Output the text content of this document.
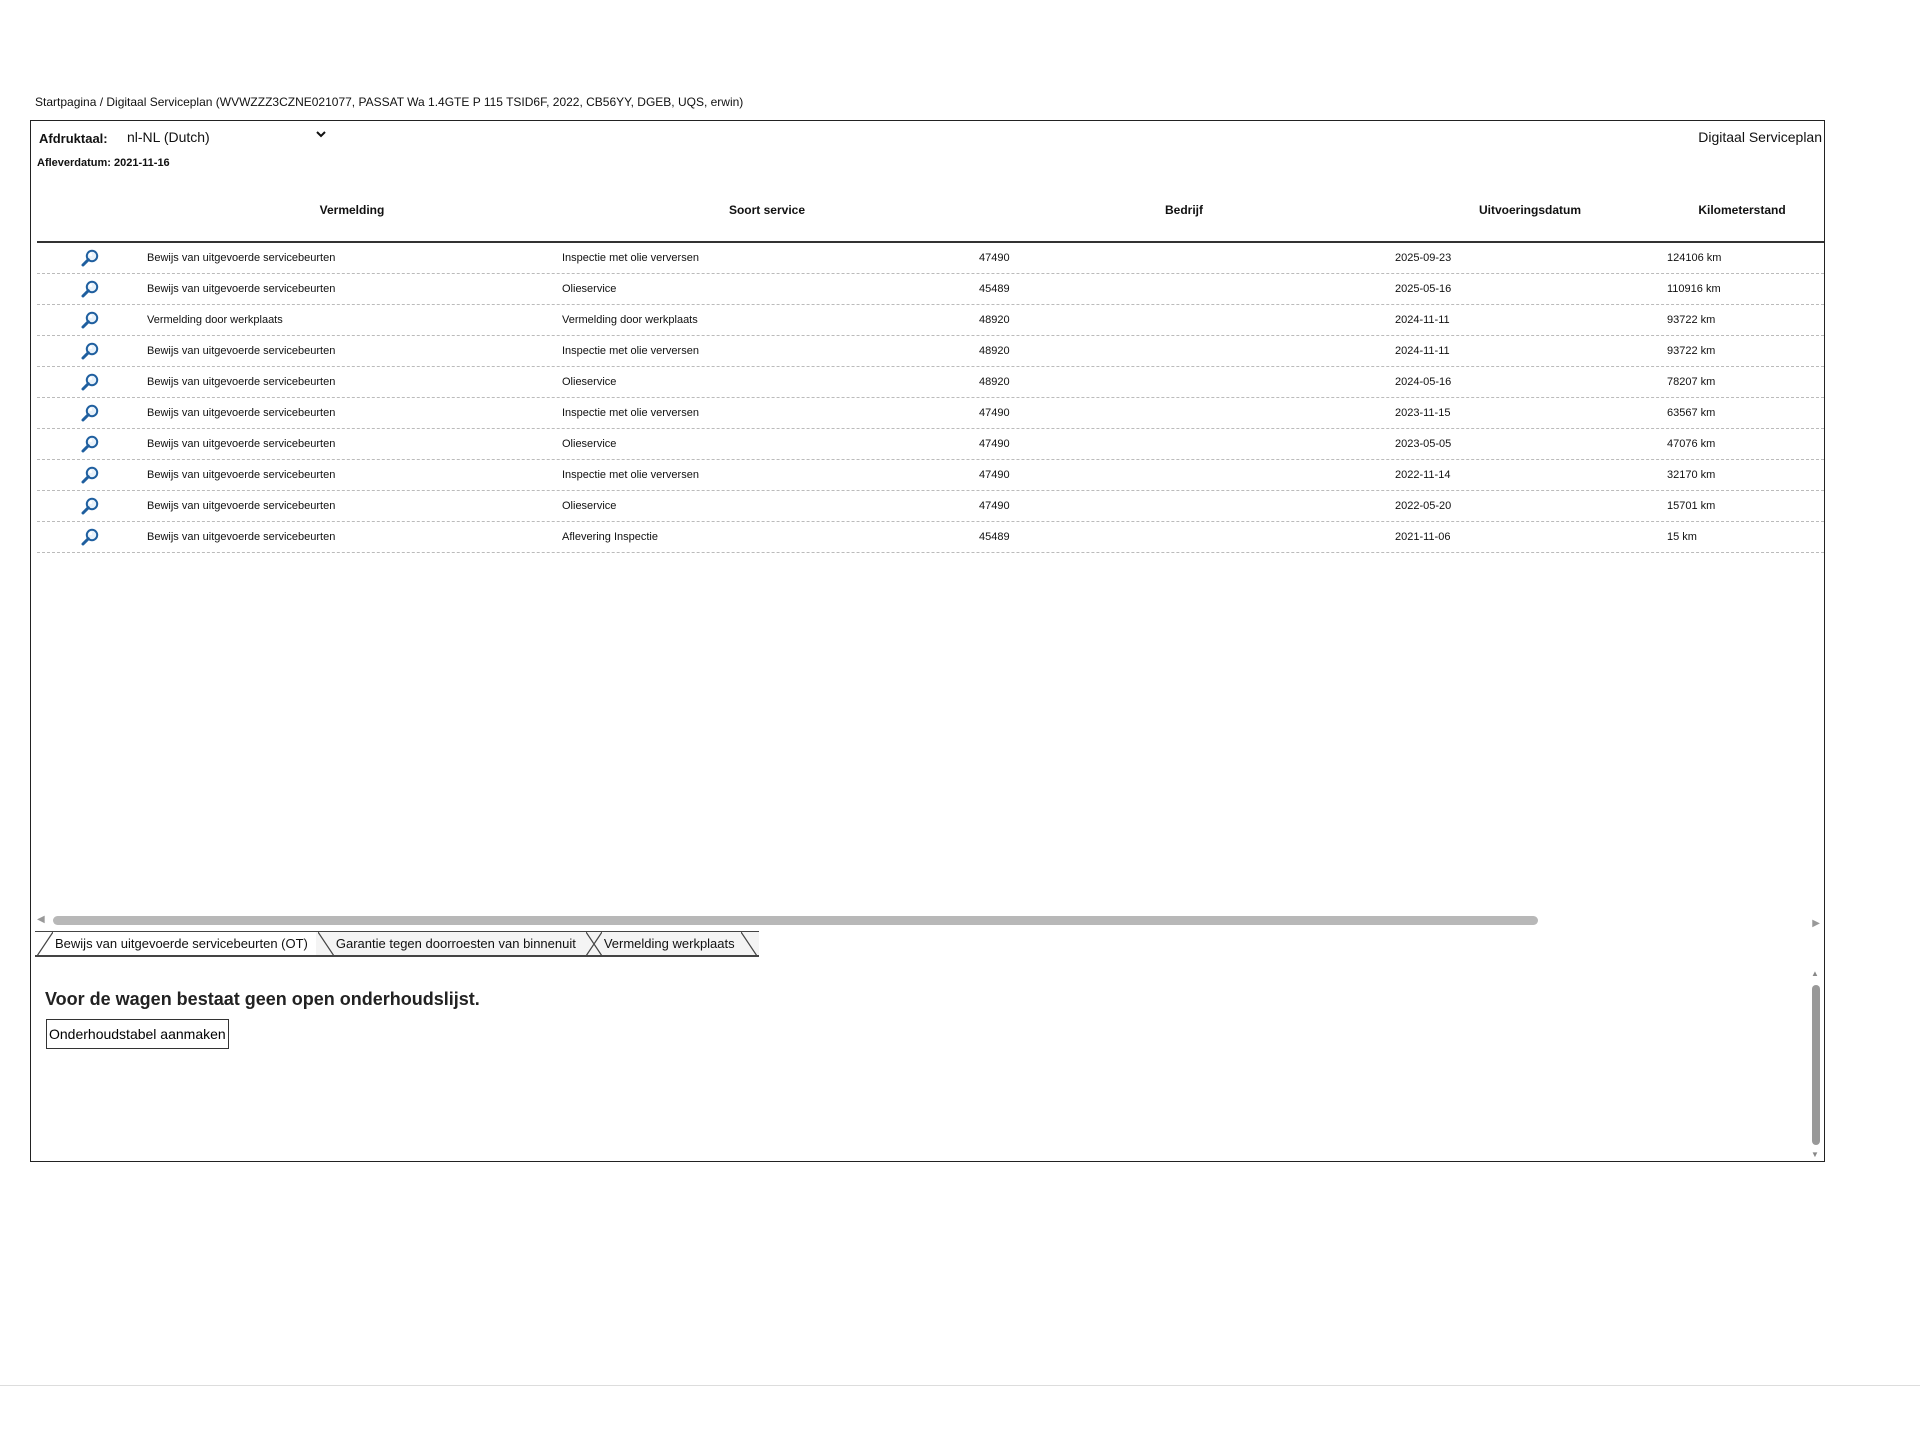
Startpagina / Digitaal Serviceplan (WVWZZZ3CZNE021077, PASSAT Wa 1.4GTE P 115 TSID6F, 2022, CB56YY, DGEB, UQS, erwin)
Afdruktaal: nl-NL (Dutch)	Digitaal Serviceplan
Afleverdatum: 2021-11-16
Vermelding	Soort service	Bedrijf	Uitvoeringsdatum	Kilometerstand
Bewijs van uitgevoerde servicebeurten	Inspectie met olie verversen	47490	2025-09-23	124106 km
Bewijs van uitgevoerde servicebeurten	Olieservice	45489	2025-05-16	110916 km
Vermelding door werkplaats	Vermelding door werkplaats	48920	2024-11-11	93722 km
Bewijs van uitgevoerde servicebeurten	Inspectie met olie verversen	48920	2024-11-11	93722 km
Bewijs van uitgevoerde servicebeurten	Olieservice	48920	2024-05-16	78207 km
Bewijs van uitgevoerde servicebeurten	Inspectie met olie verversen	47490	2023-11-15	63567 km
Bewijs van uitgevoerde servicebeurten	Olieservice	47490	2023-05-05	47076 km
Bewijs van uitgevoerde servicebeurten	Inspectie met olie verversen	47490	2022-11-14	32170 km
Bewijs van uitgevoerde servicebeurten	Olieservice	47490	2022-05-20	15701 km
Bewijs van uitgevoerde servicebeurten	Aflevering Inspectie	45489	2021-11-06	15 km
◀	▶
Bewijs van uitgevoerde servicebeurten (OT) Garantie tegen doorroesten van binnenuit Vermelding werkplaats
Voor de wagen bestaat geen open onderhoudslijst.
Onderhoudstabel aanmaken
▲
▼
